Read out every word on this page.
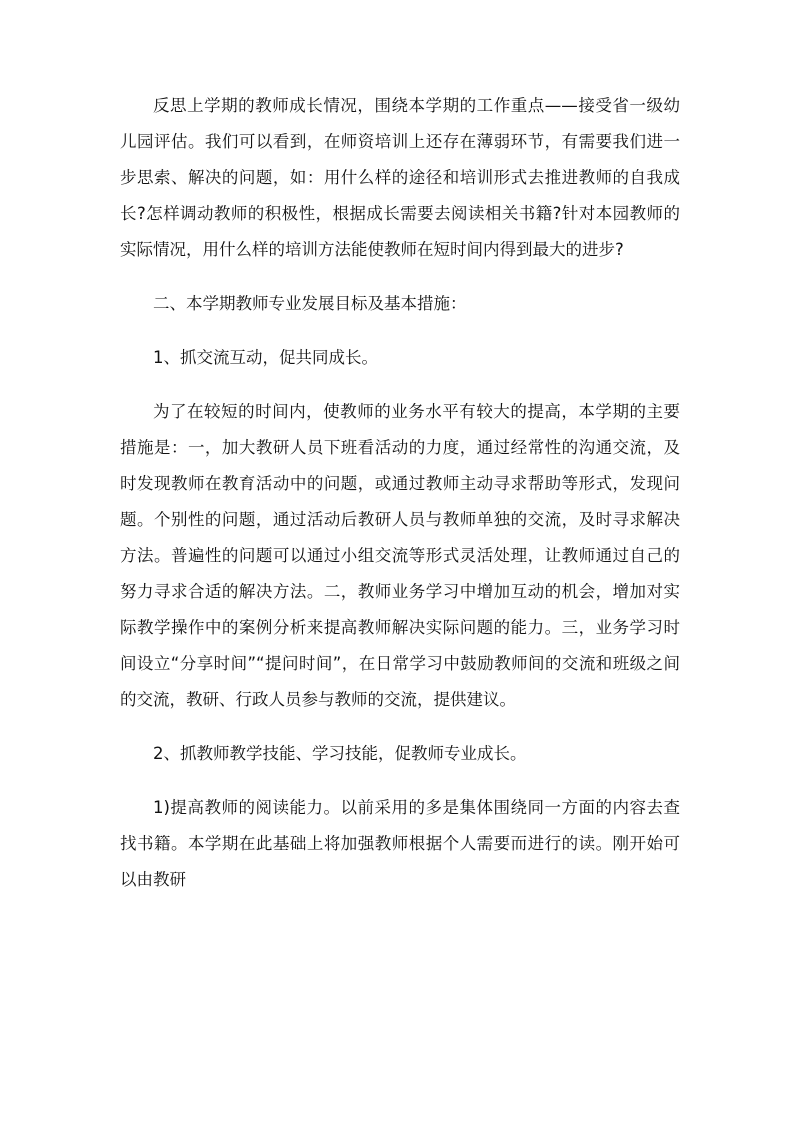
反思上学期的教师成长情况，围绕本学期的工作重点——接受省一级幼儿园评估。我们可以看到，在师资培训上还存在薄弱环节，有需要我们进一步思索、解决的问题，如：用什么样的途径和培训形式去推进教师的自我成长?怎样调动教师的积极性，根据成长需要去阅读相关书籍?针对本园教师的实际情况，用什么样的培训方法能使教师在短时间内得到最大的进步?

二、本学期教师专业发展目标及基本措施：

1、抓交流互动，促共同成长。

为了在较短的时间内，使教师的业务水平有较大的提高，本学期的主要措施是：一，加大教研人员下班看活动的力度，通过经常性的沟通交流，及时发现教师在教育活动中的问题，或通过教师主动寻求帮助等形式，发现问题。个别性的问题，通过活动后教研人员与教师单独的交流，及时寻求解决方法。普遍性的问题可以通过小组交流等形式灵活处理，让教师通过自己的努力寻求合适的解决方法。二，教师业务学习中增加互动的机会，增加对实际教学操作中的案例分析来提高教师解决实际问题的能力。三，业务学习时间设立“分享时间”“提问时间”，在日常学习中鼓励教师间的交流和班级之间的交流，教研、行政人员参与教师的交流，提供建议。

2、抓教师教学技能、学习技能，促教师专业成长。

1)提高教师的阅读能力。以前采用的多是集体围绕同一方面的内容去查找书籍。本学期在此基础上将加强教师根据个人需要而进行的读。刚开始可以由教研
